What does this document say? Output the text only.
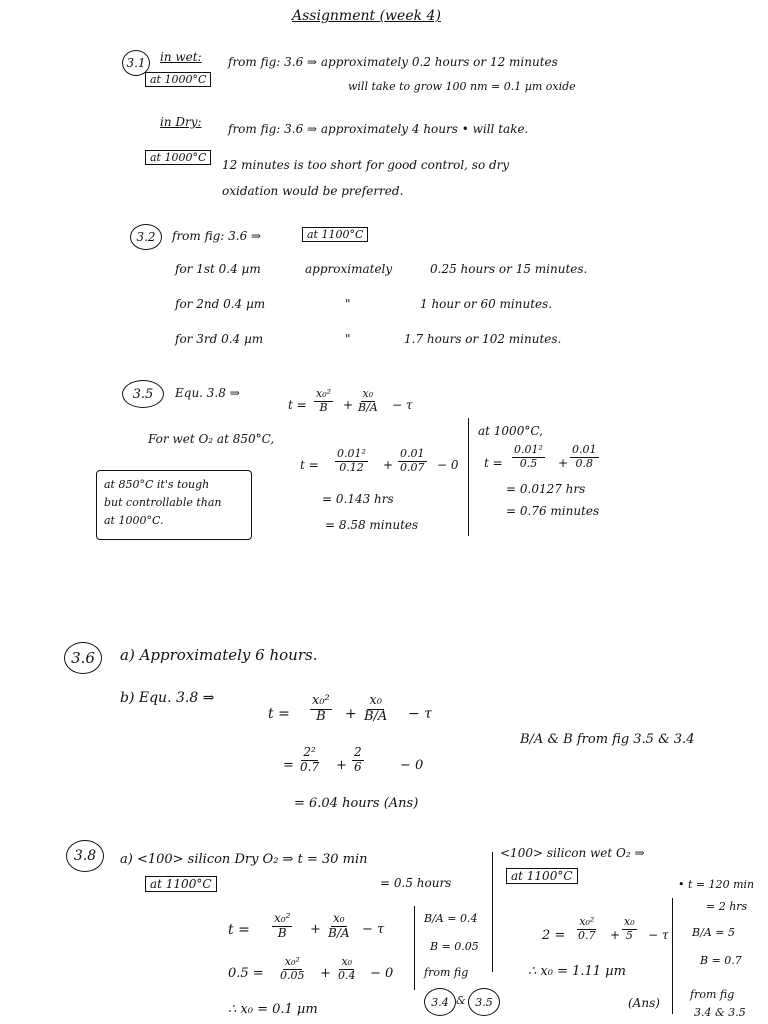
Assignment (week 4)
3.1	in wet:
at 1000°C
from fig: 3.6 ⇒ approximately 0.2 hours or 12 minutes
will take to grow 100 nm = 0.1 µm oxide
in Dry:
at 1000°C
from fig: 3.6 ⇒ approximately 4 hours • will take.
12 minutes is too short for good control, so dry
oxidation would be preferred.
3.2	from fig: 3.6 ⇒	at 1100°C
for 1st 0.4 µm	approximately	0.25 hours or 15 minutes.
for 2nd 0.4 µm	"	1 hour or 60 minutes.
for 3rd 0.4 µm	"	1.7 hours or 102 minutes.
3.5	Equ. 3.8 ⇒
$t = \frac{\text{x₀²}}{B} + \frac{\text{x₀}}{B/A} - \tau$
For wet O₂ at 850°C,
$t = \frac{\text{0.01²}}{0.12} + \frac{0.01}{0.07} - 0$
= 0.143 hrs
= 8.58 minutes
at 850°C it's tough
but controllable than
at 1000°C.
at 1000°C,
$t = \frac{\text{0.01²}}{0.5} + \frac{0.01}{0.8}$
= 0.0127 hrs
= 0.76 minutes
3.6	a) Approximately 6 hours.
b) Equ. 3.8 ⇒
$t = \frac{\text{x₀²}}{B} + \frac{\text{x₀}}{B/A} - \tau$
B/A & B from fig 3.5 & 3.4
= $\frac{\text{2²}}{0.7} + \frac{2}{6}$	− 0
= 6.04 hours (Ans)
3.8	a) <100> silicon Dry O₂ ⇒ t = 30 min
= 0.5 hours
at 1100°C
$t = \frac{\text{x₀²}}{B} + \frac{\text{x₀}}{B/A} - \tau$
$0.5 = \frac{\text{x₀²}}{0.05} + \frac{\text{x₀}}{0.4} - 0$
∴ x₀ = 0.1 µm
B/A = 0.4
B = 0.05
from fig
3.4 & 3.5
<100> silicon wet O₂ ⇒
at 1100°C
$2 = \frac{\text{x₀²}}{0.7} + \frac{\text{x₀}}{5} - \tau$
∴ x₀ = 1.11 µm
(Ans)
• t = 120 min
= 2 hrs
B/A = 5
B = 0.7
from fig
3.4 & 3.5
